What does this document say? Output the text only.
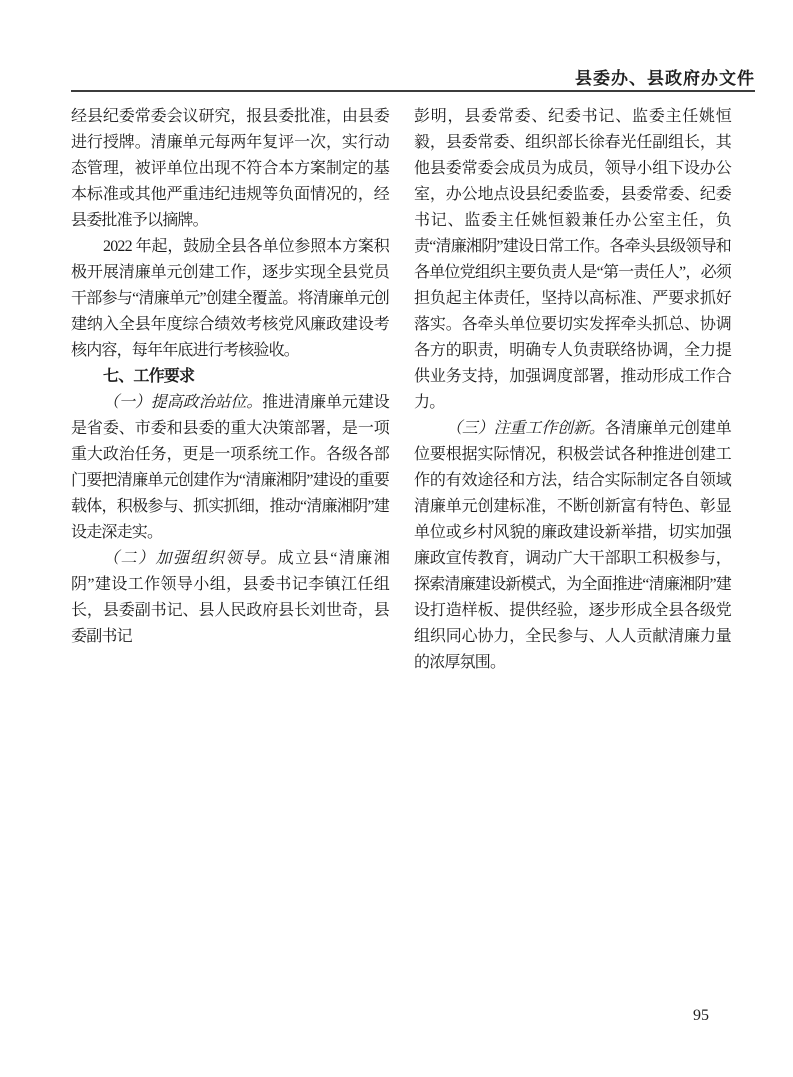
县委办、县政府办文件
经县纪委常委会议研究，报县委批准，由县委进行授牌。清廉单元每两年复评一次，实行动态管理，被评单位出现不符合本方案制定的基本标准或其他严重违纪违规等负面情况的，经县委批准予以摘牌。
2022 年起，鼓励全县各单位参照本方案积极开展清廉单元创建工作，逐步实现全县党员干部参与“清廉单元”创建全覆盖。将清廉单元创建纳入全县年度综合绩效考核党风廉政建设考核内容，每年年底进行考核验收。
七、工作要求
（一）提高政治站位。推进清廉单元建设是省委、市委和县委的重大决策部署，是一项重大政治任务，更是一项系统工作。各级各部门要把清廉单元创建作为“清廉湘阴”建设的重要载体，积极参与、抓实抓细，推动“清廉湘阴”建设走深走实。
（二）加强组织领导。成立县“清廉湘阴”建设工作领导小组，县委书记李镇江任组长，县委副书记、县人民政府县长刘世奇，县委副书记
彭明，县委常委、纪委书记、监委主任姚恒毅，县委常委、组织部长徐春光任副组长，其他县委常委会成员为成员，领导小组下设办公室，办公地点设县纪委监委，县委常委、纪委书记、监委主任姚恒毅兼任办公室主任，负责“清廉湘阴”建设日常工作。各牵头县级领导和各单位党组织主要负责人是“第一责任人”，必须担负起主体责任，坚持以高标准、严要求抓好落实。各牵头单位要切实发挥牵头抓总、协调各方的职责，明确专人负责联络协调，全力提供业务支持，加强调度部署，推动形成工作合力。
（三）注重工作创新。各清廉单元创建单位要根据实际情况，积极尝试各种推进创建工作的有效途径和方法，结合实际制定各自领域清廉单元创建标准，不断创新富有特色、彰显单位或乡村风貌的廉政建设新举措，切实加强廉政宣传教育，调动广大干部职工积极参与，探索清廉建设新模式，为全面推进“清廉湘阴”建设打造样板、提供经验，逐步形成全县各级党组织同心协力，全民参与、人人贡献清廉力量的浓厚氛围。
95
